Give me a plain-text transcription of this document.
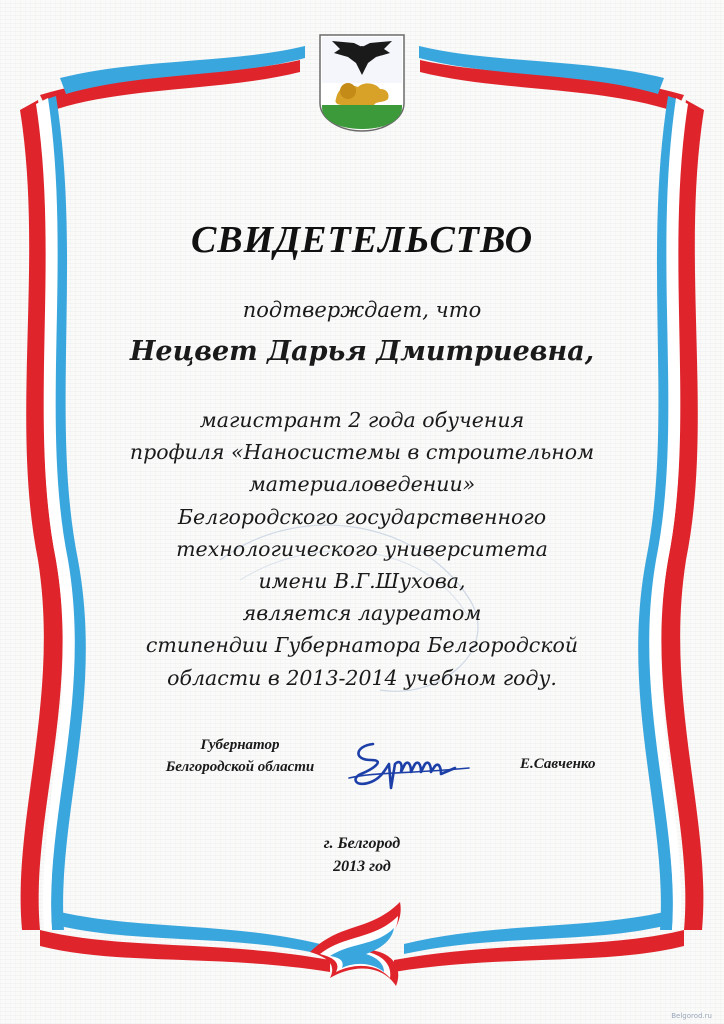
СВИДЕТЕЛЬСТВО
подтверждает, что
Нецвет Дарья Дмитриевна,
магистрант 2 года обучения
профиля «Наносистемы в строительном
материаловедении»
Белгородского государственного
технологического университета
имени В.Г.Шухова,
является лауреатом
стипендии Губернатора Белгородской
области в 2013-2014 учебном году.
Губернатор
Белгородской области	Е.Савченко
г. Белгород
2013 год
Belgorod.ru
